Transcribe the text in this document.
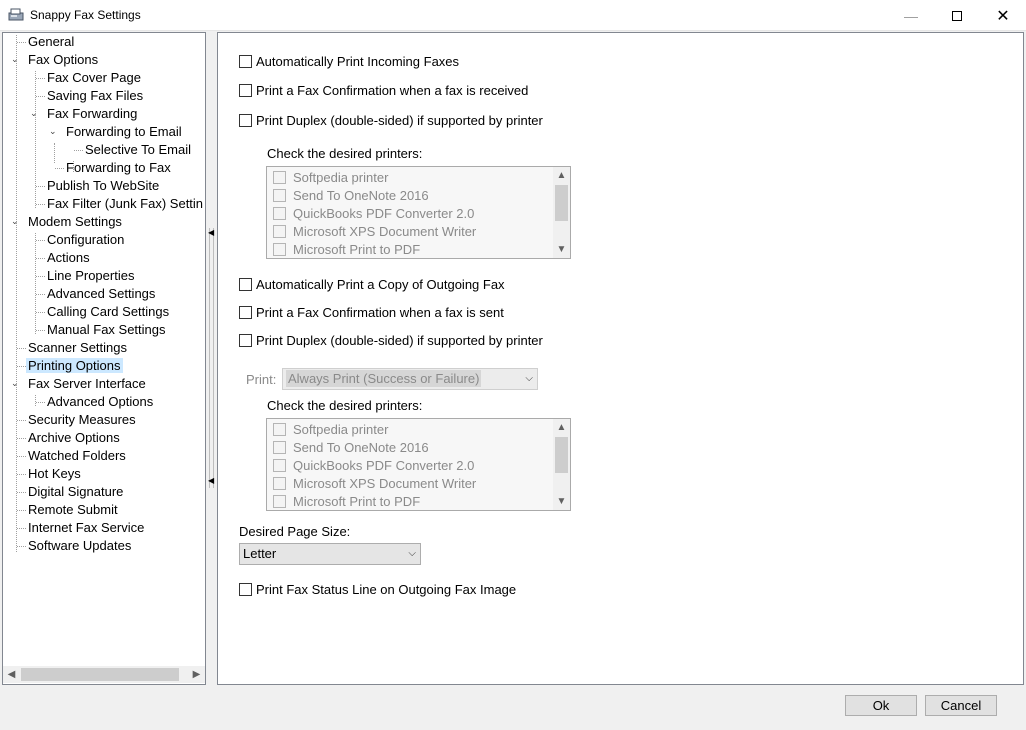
Snappy Fax Settings	—	✕
General
⌄ Fax Options
Fax Cover Page
Saving Fax Files
⌄ Fax Forwarding
⌄ Forwarding to Email
Selective To Email
Forwarding to Fax
Publish To WebSite
Fax Filter (Junk Fax) Settin
⌄ Modem Settings
Configuration
Actions
Line Properties
Advanced Settings
Calling Card Settings
Manual Fax Settings
Scanner Settings
Printing Options
⌄ Fax Server Interface
Advanced Options
Security Measures
Archive Options
Watched Folders
Hot Keys
Digital Signature
Remote Submit
Internet Fax Service
Software Updates
◀	▶
◀
◀
Automatically Print Incoming Faxes
Print a Fax Confirmation when a fax is received
Print Duplex (double-sided) if supported by printer
Check the desired printers:
Softpedia printer
Send To OneNote 2016
QuickBooks PDF Converter 2.0
Microsoft XPS Document Writer
Microsoft Print to PDF
▲
▼
Automatically Print a Copy of Outgoing Fax
Print a Fax Confirmation when a fax is sent
Print Duplex (double-sided) if supported by printer
Print: Always Print (Success or Failure)	⌵
Check the desired printers:
Softpedia printer
Send To OneNote 2016
QuickBooks PDF Converter 2.0
Microsoft XPS Document Writer
Microsoft Print to PDF
▲
▼
Desired Page Size:
Letter	⌵
Print Fax Status Line on Outgoing Fax Image
Ok	Cancel
